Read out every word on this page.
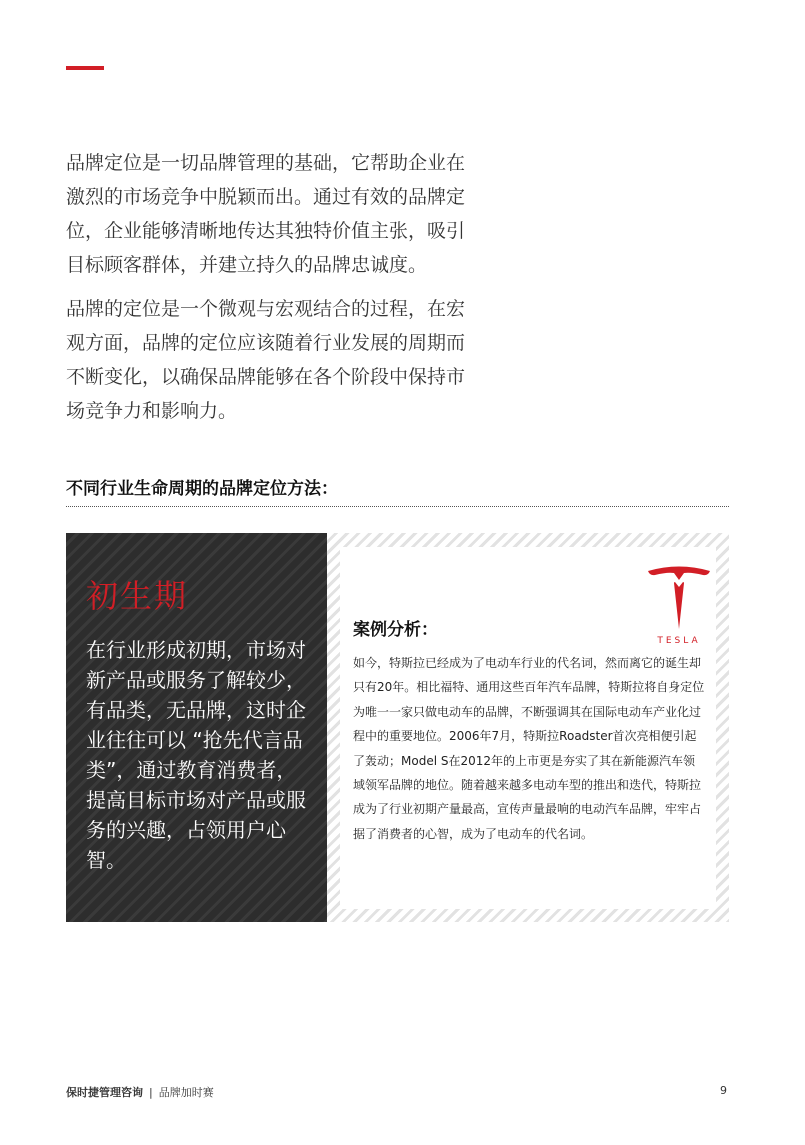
品牌定位是一切品牌管理的基础，它帮助企业在激烈的市场竞争中脱颖而出。通过有效的品牌定位，企业能够清晰地传达其独特价值主张，吸引目标顾客群体，并建立持久的品牌忠诚度。

品牌的定位是一个微观与宏观结合的过程，在宏观方面，品牌的定位应该随着行业发展的周期而不断变化，以确保品牌能够在各个阶段中保持市场竞争力和影响力。

不同行业生命周期的品牌定位方法：
初生期

在行业形成初期，市场对新产品或服务了解较少，有品类，无品牌，这时企业往往可以 “抢先代言品类”，通过教育消费者，提高目标市场对产品或服务的兴趣，占领用户心智。

TESLA
案例分析：

如今，特斯拉已经成为了电动车行业的代名词，然而离它的诞生却只有20年。相比福特、通用这些百年汽车品牌，特斯拉将自身定位为唯一一家只做电动车的品牌，不断强调其在国际电动车产业化过程中的重要地位。2006年7月，特斯拉Roadster首次亮相便引起了轰动；Model S在2012年的上市更是夯实了其在新能源汽车领域领军品牌的地位。随着越来越多电动车型的推出和迭代，特斯拉成为了行业初期产量最高，宣传声量最响的电动汽车品牌，牢牢占据了消费者的心智，成为了电动车的代名词。

保时捷管理咨询 | 品牌加时赛	9
